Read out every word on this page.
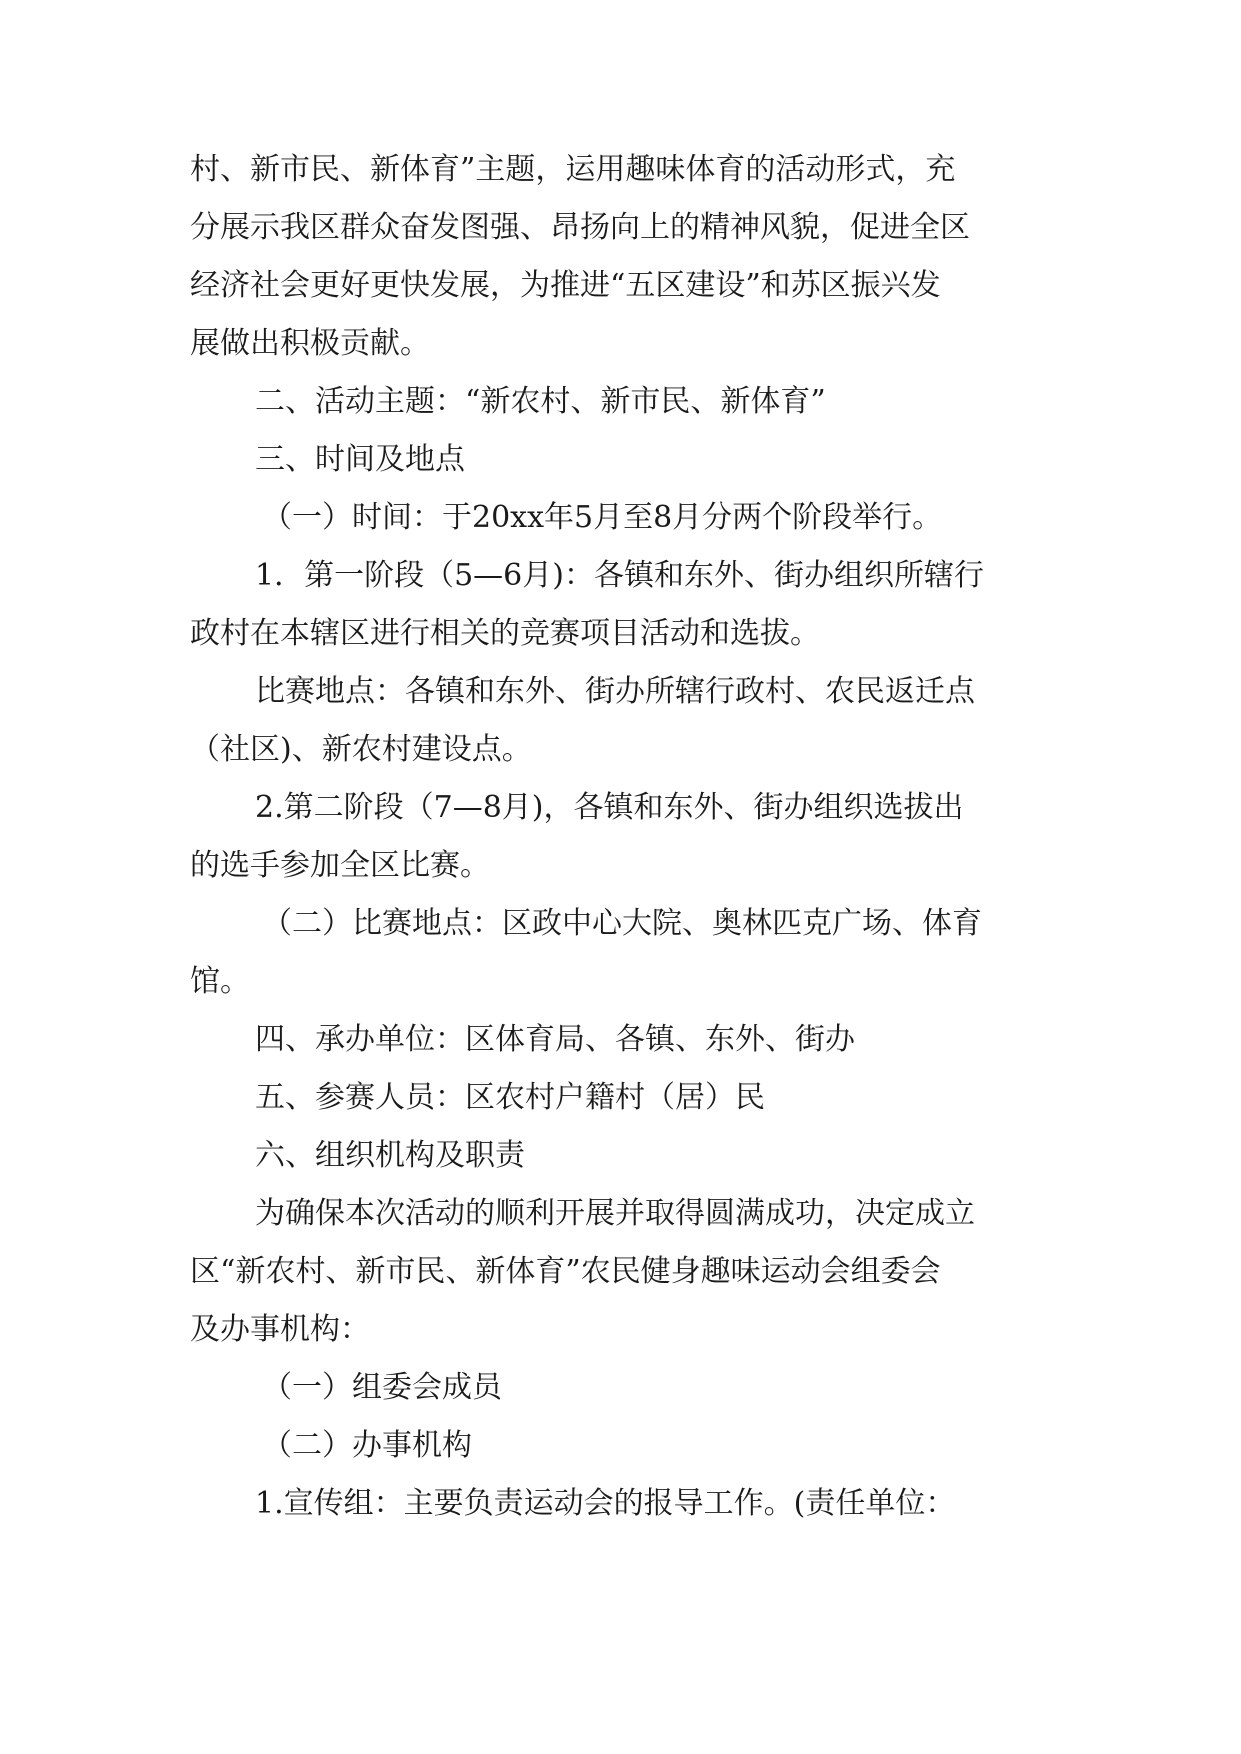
村、新市民、新体育”主题，运用趣味体育的活动形式，充
分展示我区群众奋发图强、昂扬向上的精神风貌，促进全区
经济社会更好更快发展，为推进“五区建设”和苏区振兴发
展做出积极贡献。
二、活动主题：“新农村、新市民、新体育”
三、时间及地点
（一）时间：于20xx年5月至8月分两个阶段举行。
1．第一阶段（5—6月)：各镇和东外、街办组织所辖行
政村在本辖区进行相关的竞赛项目活动和选拔。
比赛地点：各镇和东外、街办所辖行政村、农民返迁点
（社区)、新农村建设点。
2.第二阶段（7—8月)，各镇和东外、街办组织选拔出
的选手参加全区比赛。
（二）比赛地点：区政中心大院、奥林匹克广场、体育
馆。
四、承办单位：区体育局、各镇、东外、街办
五、参赛人员：区农村户籍村（居）民
六、组织机构及职责
为确保本次活动的顺利开展并取得圆满成功，决定成立
区“新农村、新市民、新体育”农民健身趣味运动会组委会
及办事机构：
（一）组委会成员
（二）办事机构
1.宣传组：主要负责运动会的报导工作。(责任单位：
